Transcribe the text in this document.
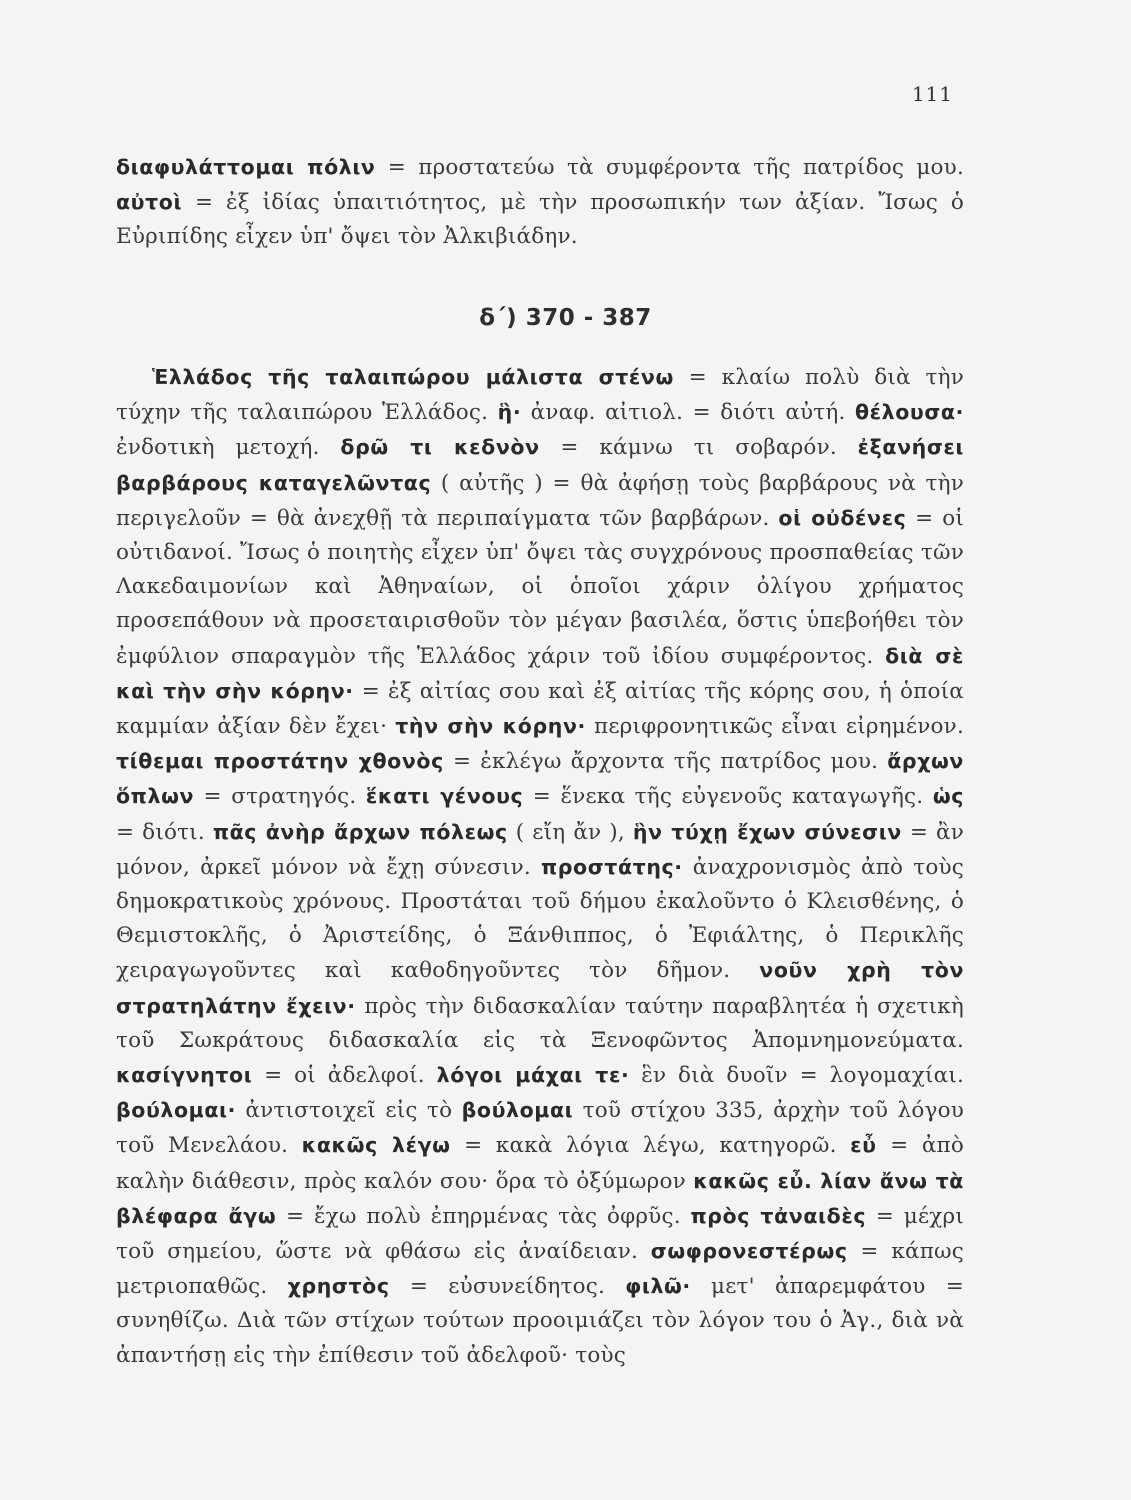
111

διαφυλάττομαι πόλιν = προστατεύω τὰ συμφέροντα τῆς πατρίδος μου. αὐτοὶ = ἐξ ἰδίας ὑπαιτιότητος, μὲ τὴν προσωπικήν των ἀξίαν. Ἴσως ὁ Εὐριπίδης εἶχεν ὑπ' ὄψει τὸν Ἀλκιβιάδην.

δ΄) 370 - 387

Ἑλλάδος τῆς ταλαιπώρου μάλιστα στένω = κλαίω πολὺ διὰ τὴν τύχην τῆς ταλαιπώρου Ἑλλάδος. ἣ· ἀναφ. αἰτιολ. = διότι αὐτή. θέλουσα· ἐνδοτικὴ μετοχή. δρῶ τι κεδνὸν = κάμνω τι σοβαρόν. ἐξανήσει βαρβάρους καταγελῶντας ( αὐτῆς ) = θὰ ἀφήσῃ τοὺς βαρβάρους νὰ τὴν περιγελοῦν = θὰ ἀνεχθῇ τὰ περιπαίγματα τῶν βαρβάρων. οἱ οὐδένες = οἱ οὐτιδανοί. Ἴσως ὁ ποιητὴς εἶχεν ὑπ' ὄψει τὰς συγχρόνους προσπαθείας τῶν Λακεδαιμονίων καὶ Ἀθηναίων, οἱ ὁποῖοι χάριν ὀλίγου χρήματος προσεπάθουν νὰ προσεταιρισθοῦν τὸν μέγαν βασιλέα, ὅστις ὑπεβοήθει τὸν ἐμφύλιον σπαραγμὸν τῆς Ἑλλάδος χάριν τοῦ ἰδίου συμφέροντος. διὰ σὲ καὶ τὴν σὴν κόρην· = ἐξ αἰτίας σου καὶ ἐξ αἰτίας τῆς κόρης σου, ἡ ὁποία καμμίαν ἀξίαν δὲν ἔχει· τὴν σὴν κόρην· περιφρονητικῶς εἶναι εἰρημένον. τίθεμαι προστάτην χθονὸς = ἐκλέγω ἄρχοντα τῆς πατρίδος μου. ἄρχων ὅπλων = στρατηγός. ἕκατι γένους = ἕνεκα τῆς εὐγενοῦς καταγωγῆς. ὡς = διότι. πᾶς ἀνὴρ ἄρχων πόλεως ( εἴη ἄν ), ἣν τύχῃ ἔχων σύνεσιν = ἂν μόνον, ἀρκεῖ μόνον νὰ ἔχῃ σύνεσιν. προστάτης· ἀναχρονισμὸς ἀπὸ τοὺς δημοκρατικοὺς χρόνους. Προστάται τοῦ δήμου ἐκαλοῦντο ὁ Κλεισθένης, ὁ Θεμιστοκλῆς, ὁ Ἀριστείδης, ὁ Ξάνθιππος, ὁ Ἐφιάλτης, ὁ Περικλῆς χειραγωγοῦντες καὶ καθοδηγοῦντες τὸν δῆμον. νοῦν χρὴ τὸν στρατηλάτην ἔχειν· πρὸς τὴν διδασκαλίαν ταύτην παραβλητέα ἡ σχετικὴ τοῦ Σωκράτους διδασκαλία εἰς τὰ Ξενοφῶντος Ἀπομνημονεύματα. κασίγνητοι = οἱ ἀδελφοί. λόγοι μάχαι τε· ἓν διὰ δυοῖν = λογομαχίαι. βούλομαι· ἀντιστοιχεῖ εἰς τὸ βούλομαι τοῦ στίχου 335, ἀρχὴν τοῦ λόγου τοῦ Μενελάου. κακῶς λέγω = κακὰ λόγια λέγω, κατηγορῶ. εὖ = ἀπὸ καλὴν διάθεσιν, πρὸς καλόν σου· ὅρα τὸ ὀξύμωρον κακῶς εὖ. λίαν ἄνω τὰ βλέφαρα ἄγω = ἔχω πολὺ ἐπηρμένας τὰς ὀφρῦς. πρὸς τἀναιδὲς = μέχρι τοῦ σημείου, ὥστε νὰ φθάσω εἰς ἀναίδειαν. σωφρονεστέρως = κάπως μετριοπαθῶς. χρηστὸς = εὐσυνείδητος. φιλῶ· μετ' ἀπαρεμφάτου = συνηθίζω. Διὰ τῶν στίχων τούτων προοιμιάζει τὸν λόγον του ὁ Ἀγ., διὰ νὰ ἀπαντήσῃ εἰς τὴν ἐπίθεσιν τοῦ ἀδελφοῦ· τοὺς
